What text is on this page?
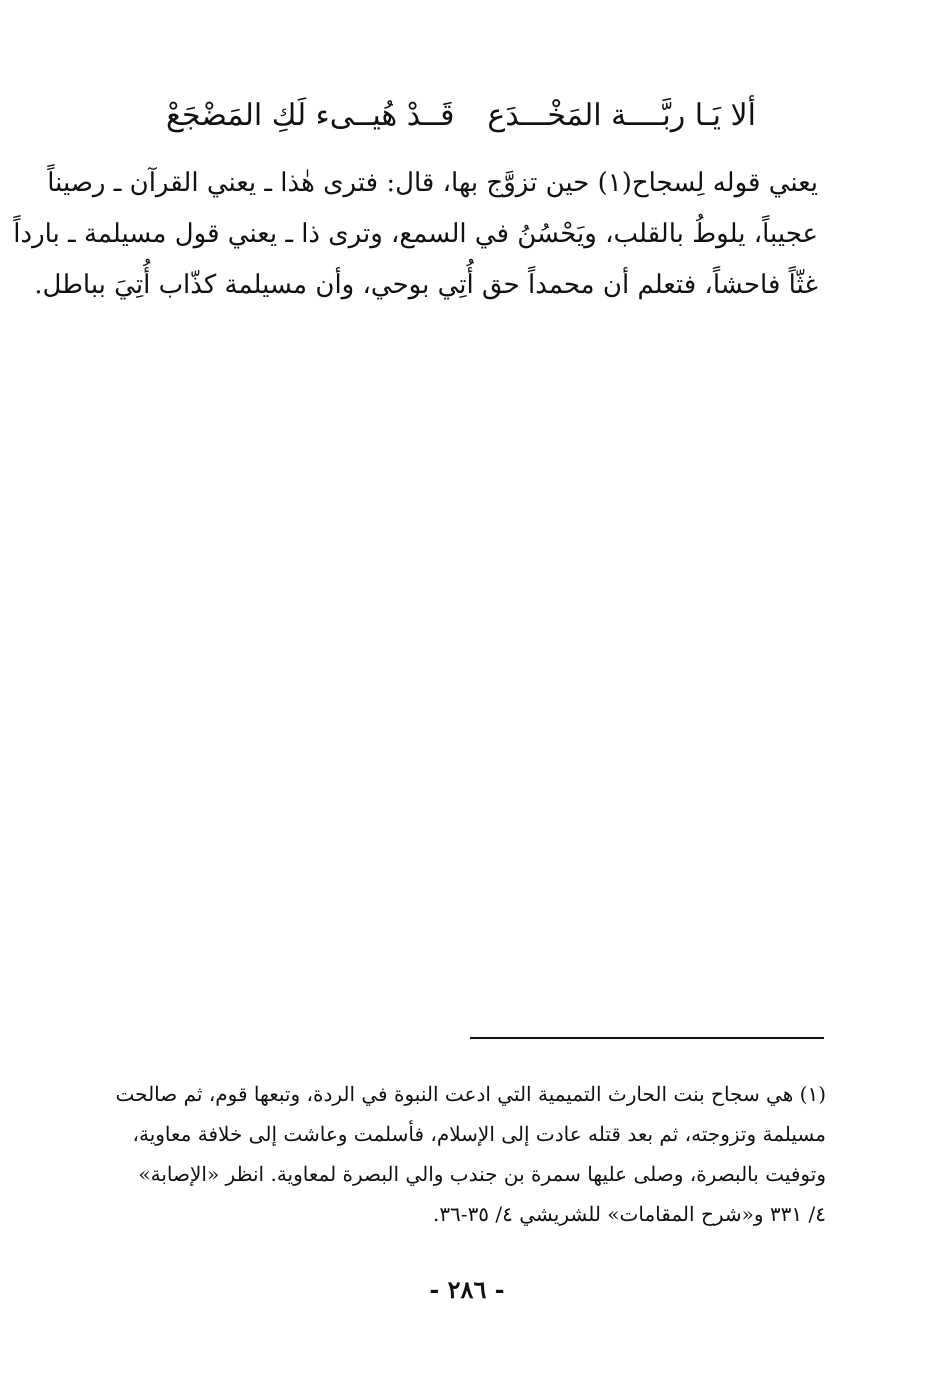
ألا يَـا ربَّــــة المَخْـــدَع
قَــدْ هُيــىء لَكِ المَضْجَعْ
يعني قوله لِسجاح(١) حين تزوَّج بها، قال: فترى هٰذا ـ يعني القرآن ـ رصيناً
عجيباً، يلوطُ بالقلب، ويَحْسُنُ في السمع، وترى ذا ـ يعني قول مسيلمة ـ بارداً
غثّاً فاحشاً، فتعلم أن محمداً حق أُتِي بوحي، وأن مسيلمة كذّاب أُتِيَ بباطل.
(١) هي سجاح بنت الحارث التميمية التي ادعت النبوة في الردة، وتبعها قوم، ثم صالحت
مسيلمة وتزوجته، ثم بعد قتله عادت إلى الإسلام، فأسلمت وعاشت إلى خلافة معاوية،
وتوفيت بالبصرة، وصلى عليها سمرة بن جندب والي البصرة لمعاوية. انظر «الإصابة»
٤/ ٣٣١ و«شرح المقامات» للشريشي ٤/ ٣٥-٣٦.
- ٢٨٦ -
